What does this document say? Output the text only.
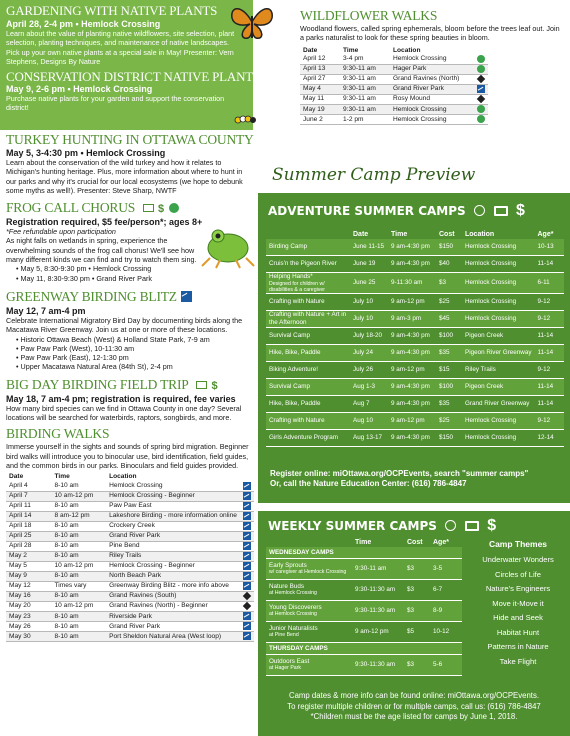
GARDENING WITH NATIVE PLANTS
April 28, 2-4 pm • Hemlock Crossing
Learn about the value of planting native wildflowers, site selection, plant selection, planting techniques, and maintenance of native landscapes. Pick up your own native plants at a special sale in May! Presenter: Vern Stephens, Designs By Nature
CONSERVATION DISTRICT NATIVE PLANT SALE
May 9, 2-6 pm • Hemlock Crossing
Purchase native plants for your garden and support the conservation district!
TURKEY HUNTING IN OTTAWA COUNTY
May 5, 3-4:30 pm • Hemlock Crossing
Learn about the conservation of the wild turkey and how it relates to Michigan's hunting heritage. Plus, more information about where to hunt in our parks and why it's crucial for our local ecosystems (we hope to debunk some myths as well!). Presenter: Steve Sharp, NWTF
FROG CALL CHORUS $
Registration required, $5 fee/person*; ages 8+
*Fee refundable upon participation
As night falls on wetlands in spring, experience the overwhelming sounds of the frog call chorus! We'll see how many different kinds we can find and try to watch them sing.
• May 5, 8:30-9:30 pm • Hemlock Crossing
• May 11, 8:30-9:30 pm • Grand River Park
GREENWAY BIRDING BLITZ
May 12, 7 am-4 pm
Celebrate International Migratory Bird Day by documenting birds along the Macatawa River Greenway. Join us at one or more of these locations.
• Historic Ottawa Beach (West) & Holland State Park, 7-9 am
• Paw Paw Park (West), 10-11:30 am
• Paw Paw Park (East), 12-1:30 pm
• Upper Macatawa Natural Area (84th St), 2-4 pm
BIG DAY BIRDING FIELD TRIP $
May 18, 7 am-4 pm; registration is required, fee varies
How many bird species can we find in Ottawa County in one day? Several locations will be searched for waterbirds, raptors, songbirds, and more.
BIRDING WALKS
Immerse yourself in the sights and sounds of spring bird migration. Beginner bird walks will introduce you to binocular use, bird identification, field guides, and the common birds in our parks. Binoculars and field guides provided.
Date	Time	Location	
April 4	8-10 am	Hemlock Crossing	
April 7	10 am-12 pm	Hemlock Crossing - Beginner	
April 11	8-10 am	Paw Paw East	
April 14	8 am-12 pm	Lakeshore Birding - more information online	
April 18	8-10 am	Crockery Creek	
April 25	8-10 am	Grand River Park	
April 28	8-10 am	Pine Bend	
May 2	8-10 am	Riley Trails	
May 5	10 am-12 pm	Hemlock Crossing - Beginner	
May 9	8-10 am	North Beach Park	
May 12	Times vary	Greenway Birding Blitz - more info above	
May 16	8-10 am	Grand Ravines (South)	
May 20	10 am-12 pm	Grand Ravines (North) - Beginner	
May 23	8-10 am	Riverside Park	
May 26	8-10 am	Grand River Park	
May 30	8-10 am	Port Sheldon Natural Area (West loop)	
WILDFLOWER WALKS
Woodland flowers, called spring ephemerals, bloom before the trees leaf out. Join a parks naturalist to look for these spring beauties in bloom.
Date	Time	Location	
April 12	3-4 pm	Hemlock Crossing	
April 13	9:30-11 am	Hager Park	
April 27	9:30-11 am	Grand Ravines (North)	
May 4	9:30-11 am	Grand River Park	
May 11	9:30-11 am	Rosy Mound	
May 19	9:30-11 am	Hemlock Crossing	
June 2	1-2 pm	Hemlock Crossing	
Summer Camp Preview
ADVENTURE SUMMER CAMPS	$
	Date	Time	Cost	Location	Age*
Birding Camp	June 11-15	9 am-4:30 pm	$150	Hemlock Crossing	10-13
Cruis'n the Pigeon River	June 19	9 am-4:30 pm	$40	Hemlock Crossing	11-14
Helping Hands*
Designed for children w/ disabilities & a caregiver	June 25	9-11:30 am	$3	Hemlock Crossing	6-11
Crafting with Nature	July 10	9 am-12 pm	$25	Hemlock Crossing	9-12
Crafting with Nature + Art in the Afternoon	July 10	9 am-3 pm	$45	Hemlock Crossing	9-12
Survival Camp	July 18-20	9 am-4:30 pm	$100	Pigeon Creek	11-14
Hike, Bike, Paddle	July 24	9 am-4:30 pm	$35	Pigeon River Greenway	11-14
Biking Adventure!	July 26	9 am-12 pm	$15	Riley Trails	9-12
Survival Camp	Aug 1-3	9 am-4:30 pm	$100	Pigeon Creek	11-14
Hike, Bike, Paddle	Aug 7	9 am-4:30 pm	$35	Grand River Greenway	11-14
Crafting with Nature	Aug 10	9 am-12 pm	$25	Hemlock Crossing	9-12
Girls Adventure Program	Aug 13-17	9 am-4:30 pm	$150	Hemlock Crossing	12-14
Register online: miOttawa.org/OCPEvents, search "summer camps"
Or, call the Nature Education Center: (616) 786-4847
WEEKLY SUMMER CAMPS	$
	Time	Cost	Age*
WEDNESDAY CAMPS			

Early Sprouts
w/ caregiver at Hemlock Crossing	9:30-11 am	$3	3-5

Nature Buds
at Hemlock Crossing	9:30-11:30 am	$3	6-7

Young Discoverers
at Hemlock Crossing	9:30-11:30 am	$3	8-9

Junior Naturalists
at Pine Bend	9 am-12 pm	$5	10-12
THURSDAY CAMPS			

Outdoors East
at Hager Park	9:30-11:30 am	$3	5-6
Camp Themes
Underwater Wonders
Circles of Life
Nature's Engineers
Move it-Move it
Hide and Seek
Habitat Hunt
Patterns in Nature
Take Flight
Camp dates & more info can be found online: miOttawa.org/OCPEvents.
To register multiple children or for multiple camps, call us: (616) 786-4847
*Children must be the age listed for camps by June 1, 2018.
